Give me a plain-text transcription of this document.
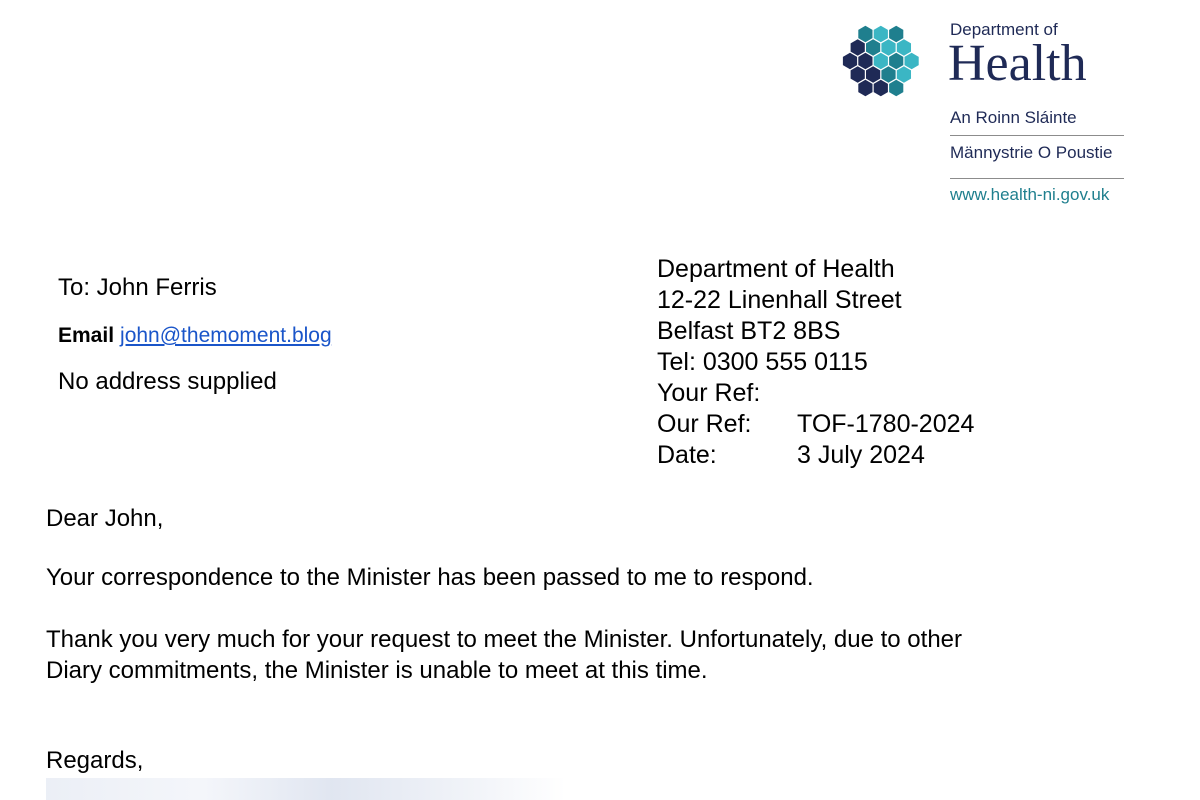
Department of
Health
An Roinn Sláinte
Männystrie O Poustie
www.health-ni.gov.uk
To: John Ferris
Email john@themoment.blog
No address supplied
Department of Health
12-22 Linenhall Street
Belfast BT2 8BS
Tel: 0300 555 0115
Your Ref:
Our Ref: TOF-1780-2024
Date:	3 July 2024
Dear John,
Your correspondence to the Minister has been passed to me to respond.
Thank you very much for your request to meet the Minister. Unfortunately, due to other
Diary commitments, the Minister is unable to meet at this time.
Regards,
